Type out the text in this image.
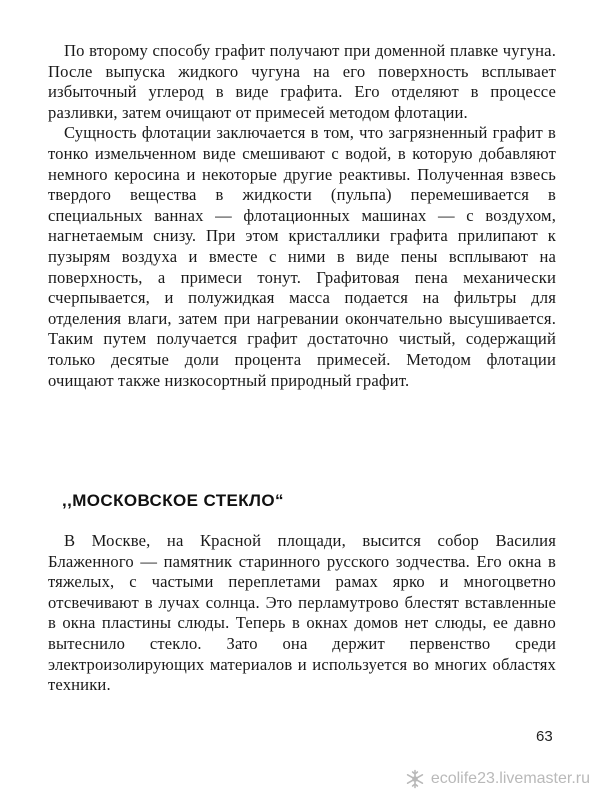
По второму способу графит получают при доменной плавке чугуна. После выпуска жидкого чугуна на его поверхность всплывает избыточный углерод в виде графита. Его отделяют в процессе разливки, затем очищают от примесей методом флотации.

Сущность флотации заключается в том, что загрязненный графит в тонко измельченном виде смешивают с водой, в которую добавляют немного керосина и некоторые другие реактивы. Полученная взвесь твердого вещества в жидкости (пульпа) перемешивается в специальных ваннах — флотационных машинах — с воздухом, нагнетаемым снизу. При этом кристаллики графита прилипают к пузырям воздуха и вместе с ними в виде пены всплывают на поверхность, а примеси тонут. Графитовая пена механически счерпывается, и полужидкая масса подается на фильтры для отделения влаги, затем при нагревании окончательно высушивается. Таким путем получается графит достаточно чистый, содержащий только десятые доли процента примесей. Методом флотации очищают также низкосортный природный графит.

,,МОСКОВСКОЕ СТЕКЛО“

В Москве, на Красной площади, высится собор Василия Блаженного — памятник старинного русского зодчества. Его окна в тяжелых, с частыми переплетами рамах ярко и многоцветно отсвечивают в лучах солнца. Это перламутрово блестят вставленные в окна пластины слюды. Теперь в окнах домов нет слюды, ее давно вытеснило стекло. Зато она держит первенство среди электроизолирующих материалов и используется во многих областях техники.

63
ecolife23.livemaster.ru
